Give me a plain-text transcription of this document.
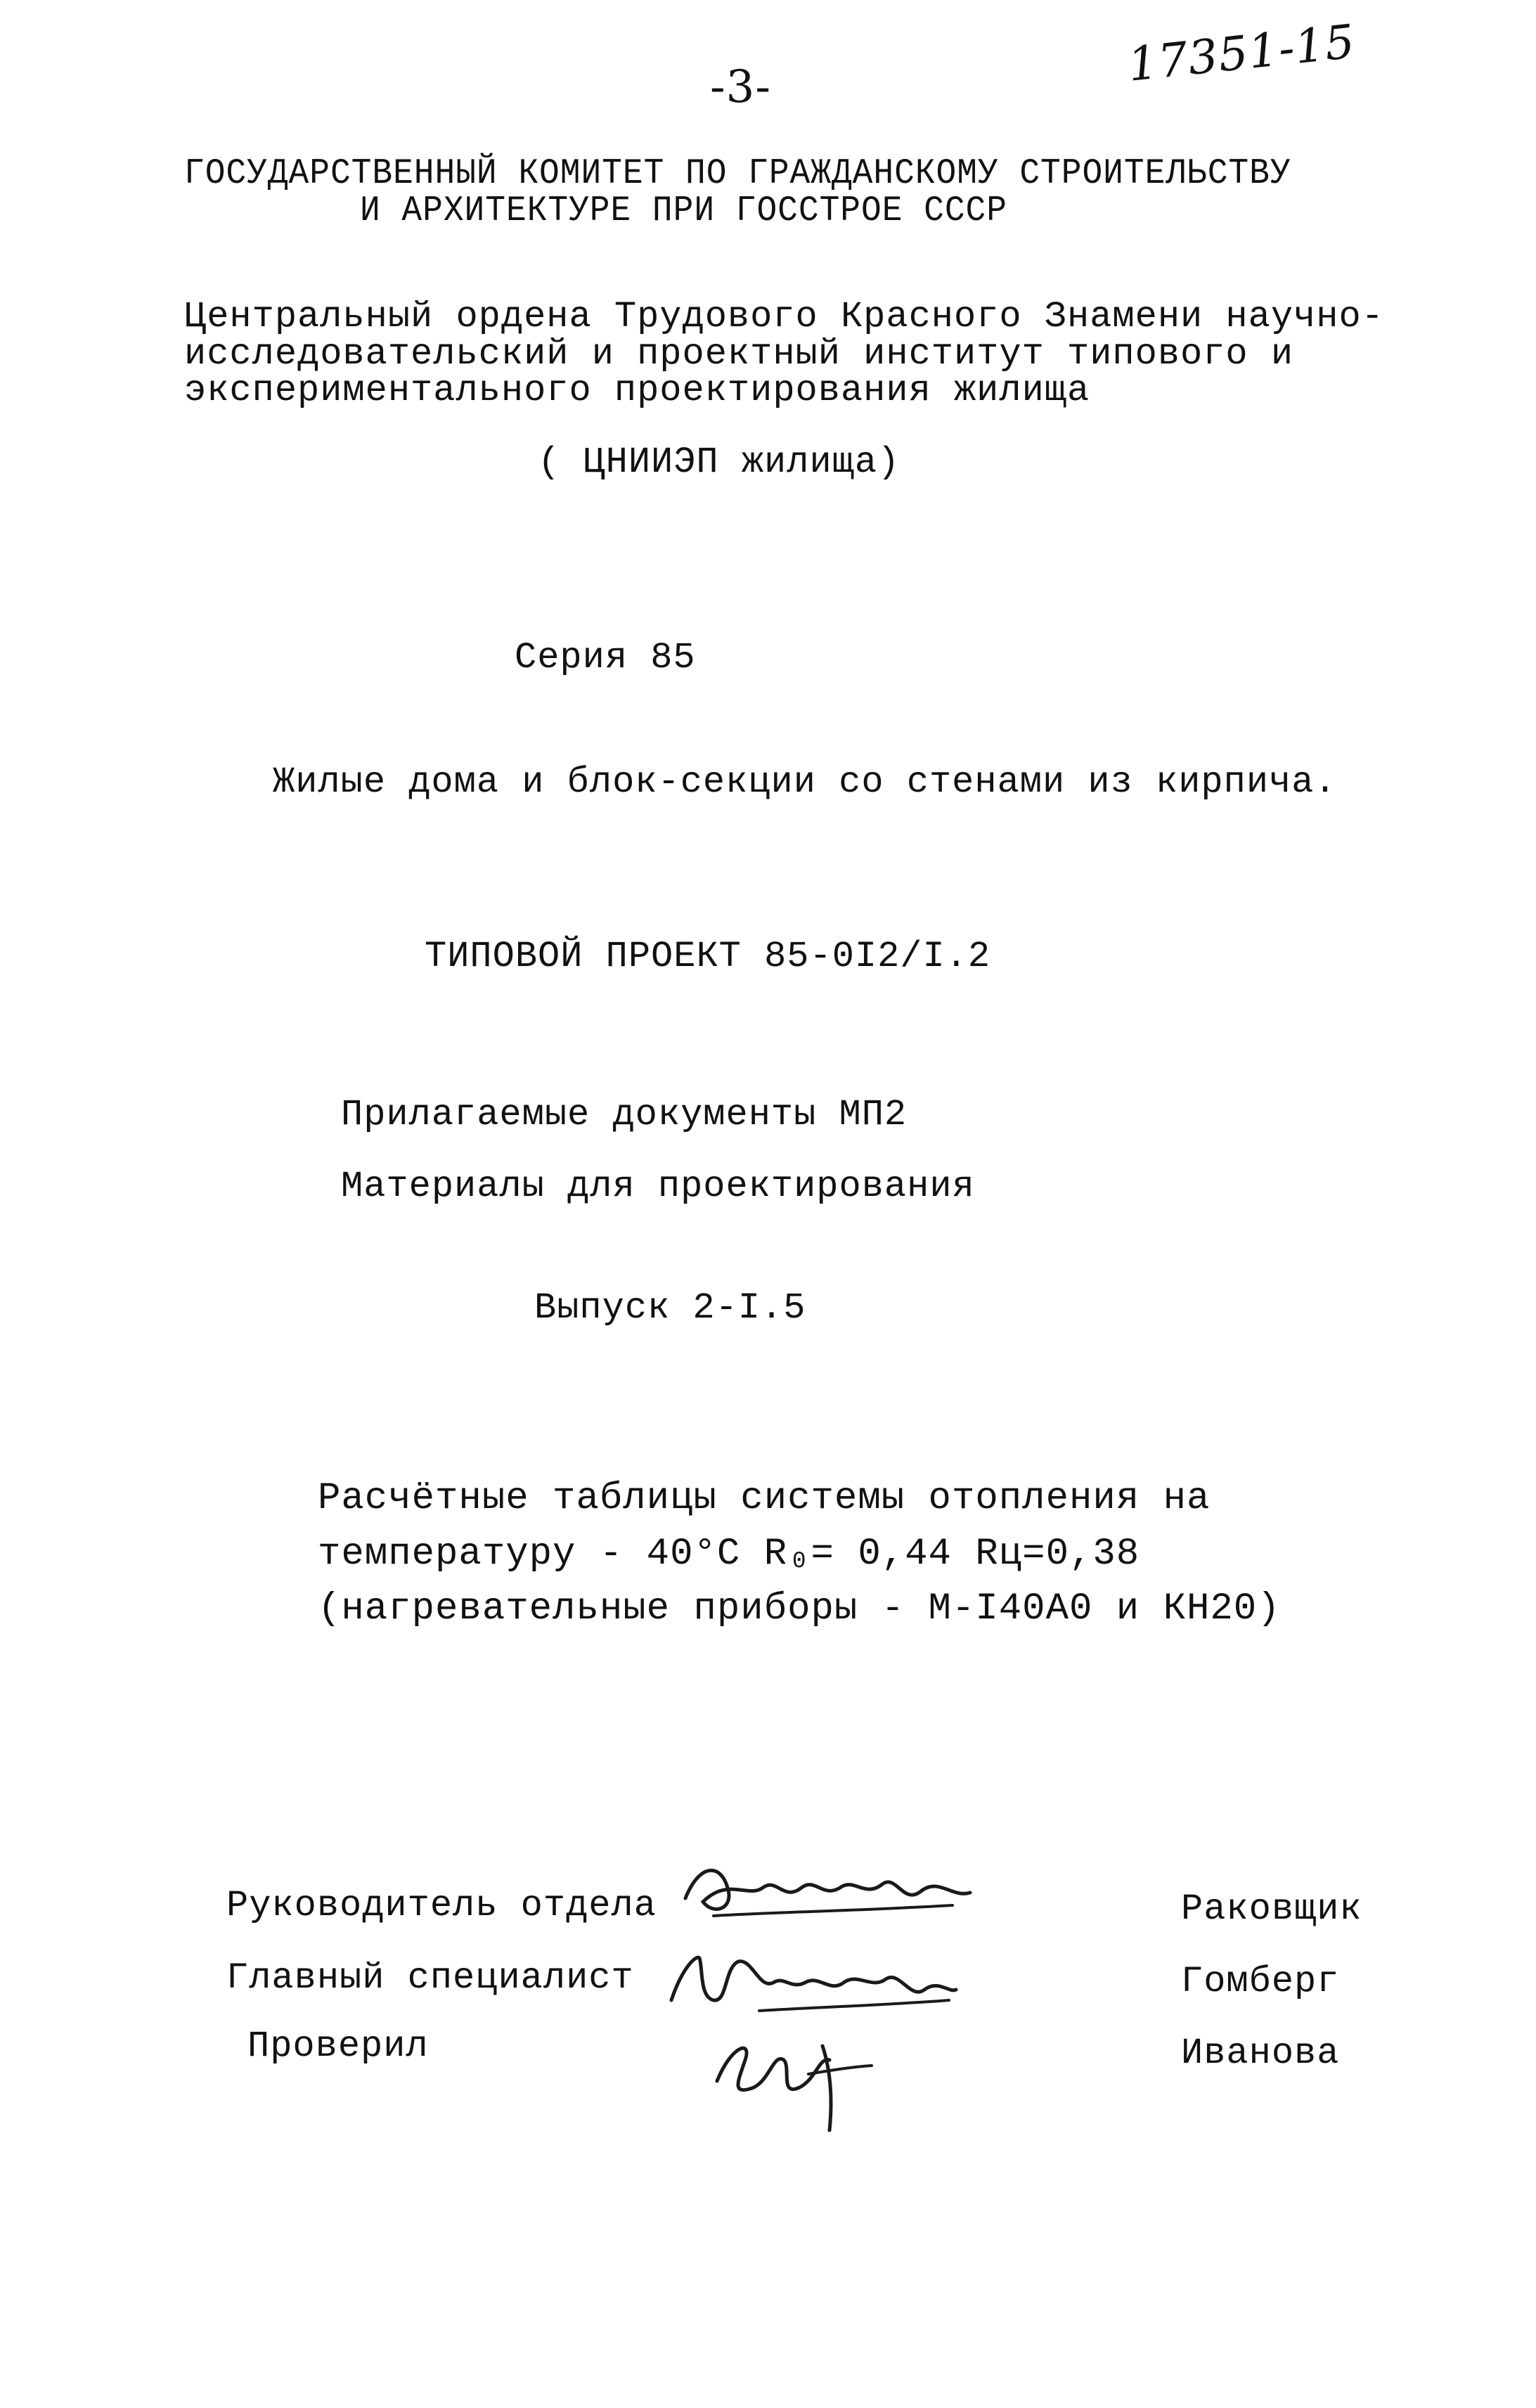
-3-	17351-15
ГОСУДАРСТВЕННЫЙ КОМИТЕТ ПО ГРАЖДАНСКОМУ СТРОИТЕЛЬСТВУ
И АРХИТЕКТУРЕ ПРИ ГОССТРОЕ СССР
Центральный ордена Трудового Красного Знамени научно-
исследовательский и проектный институт типового и
экспериментального проектирования жилища
( ЦНИИЭП жилища)
Серия 85
Жилые дома и блок-секции со стенами из кирпича.
ТИПОВОЙ ПРОЕКТ 85-0I2/I.2
Прилагаемые документы МП2
Материалы для проектирования
Выпуск 2-I.5
Расчётные таблицы системы отопления на
температуру - 40°C R₀= 0,44 Rц=0,38
(нагревательные приборы - М-I40А0 и КН20)
Руководитель отдела
Главный специалист
Проверил
Раковщик
Гомберг
Иванова
